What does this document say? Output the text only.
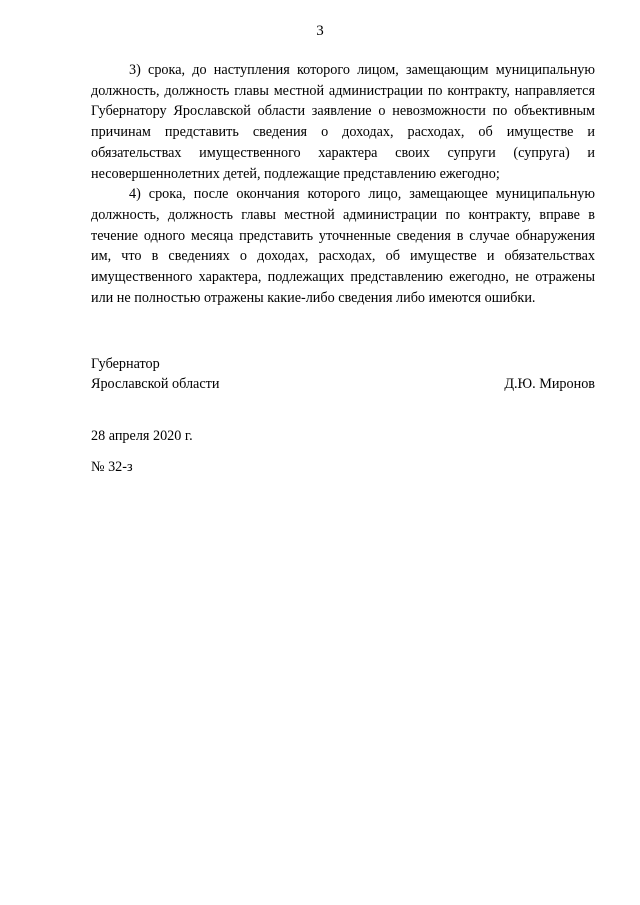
3

3) срока, до наступления которого лицом, замещающим муниципальную должность, должность главы местной администрации по контракту, направляется Губернатору Ярославской области заявление о невозможности по объективным причинам представить сведения о доходах, расходах, об имуществе и обязательствах имущественного характера своих супруги (супруга) и несовершеннолетних детей, подлежащие представлению ежегодно;

4) срока, после окончания которого лицо, замещающее муниципальную должность, должность главы местной администрации по контракту, вправе в течение одного месяца представить уточненные сведения в случае обнаружения им, что в сведениях о доходах, расходах, об имуществе и обязательствах имущественного характера, подлежащих представлению ежегодно, не отражены или не полностью отражены какие-либо сведения либо имеются ошибки.

Губернатор
Ярославской области	Д.Ю. Миронов
28 апреля 2020 г.
№ 32-з
